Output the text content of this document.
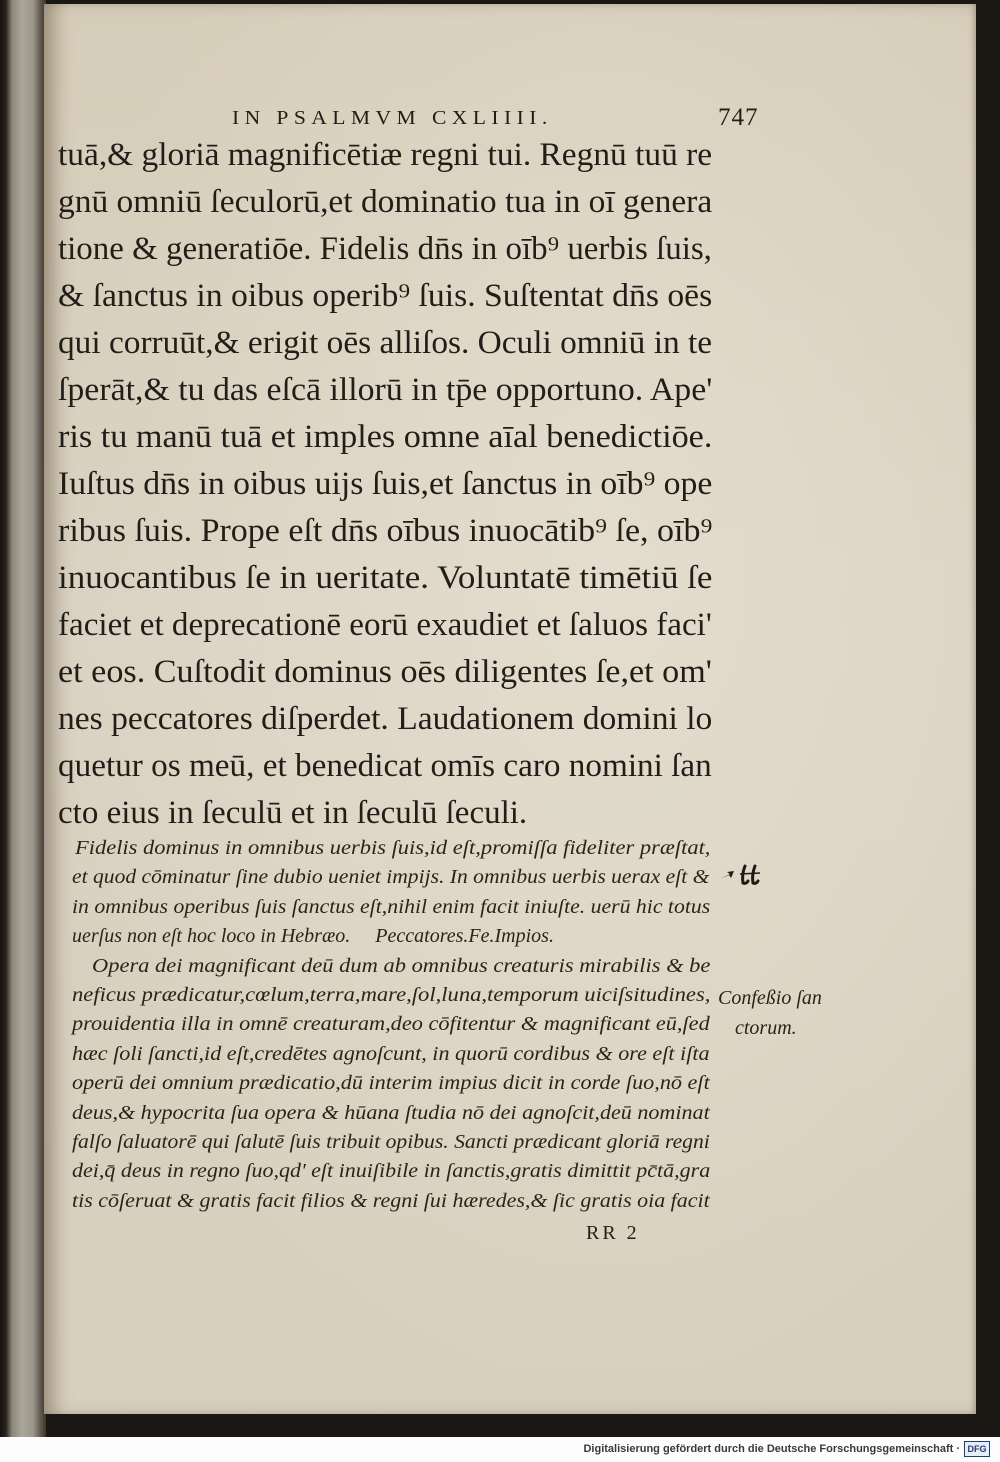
IN PSALMVM CXLIIII.	747
tuā,& gloriā magnificētiæ regni tui. Regnū tuū re
gnū omniū ſeculorū,et dominatio tua in oī genera
tione & generatiōe. Fidelis dn̄s in oīb⁹ uerbis ſuis,
& ſanctus in oibus operib⁹ ſuis. Suſtentat dn̄s oēs
qui corruūt,& erigit oēs alliſos. Oculi omniū in te
ſperāt,& tu das eſcā illorū in tp̄e opportuno. Ape'
ris tu manū tuā et imples omne aīal benedictiōe.
Iuſtus dn̄s in oibus uijs ſuis,et ſanctus in oīb⁹ ope
ribus ſuis. Prope eſt dn̄s oībus inuocātib⁹ ſe, oīb⁹
inuocantibus ſe in ueritate. Voluntatē timētiū ſe
faciet et deprecationē eorū exaudiet et ſaluos faci'
et eos. Cuſtodit dominus oēs diligentes ſe,et om'
nes peccatores diſperdet. Laudationem domini lo
quetur os meū, et benedicat omīs caro nomini ſan
cto eius in ſeculū et in ſeculū ſeculi.
Fidelis dominus in omnibus uerbis ſuis,id eſt,promiſſa fideliter præſtat,
et quod cōminatur ſine dubio ueniet impijs. In omnibus uerbis uerax eſt &
in omnibus operibus ſuis ſanctus eſt,nihil enim facit iniuſte. uerū hic totus
uerſus non eſt hoc loco in Hebræo.     Peccatores.Fe.Impios.
Opera dei magnificant deū dum ab omnibus creaturis mirabilis & be
neficus prædicatur,cœlum,terra,mare,ſol,luna,temporum uiciſsitudines,
prouidentia illa in omnē creaturam,deo cōfitentur & magnificant eū,ſed
hæc ſoli ſancti,id eſt,credētes agnoſcunt, in quorū cordibus & ore eſt iſta
operū dei omnium prædicatio,dū interim impius dicit in corde ſuo,nō eſt
deus,& hypocrita ſua opera & hūana ſtudia nō dei agnoſcit,deū nominat
falſo ſaluatorē qui ſalutē ſuis tribuit opibus. Sancti prædicant gloriā regni
dei,q̄ deus in regno ſuo,qd' eſt inuiſibile in ſanctis,gratis dimittit pc̄tā,gra
tis cōſeruat & gratis facit filios & regni ſui hæredes,& ſic gratis oia facit
Confeßio ſan
ctorum.
RR 2
Digitalisierung gefördert durch die Deutsche Forschungsgemeinschaft · DFG
